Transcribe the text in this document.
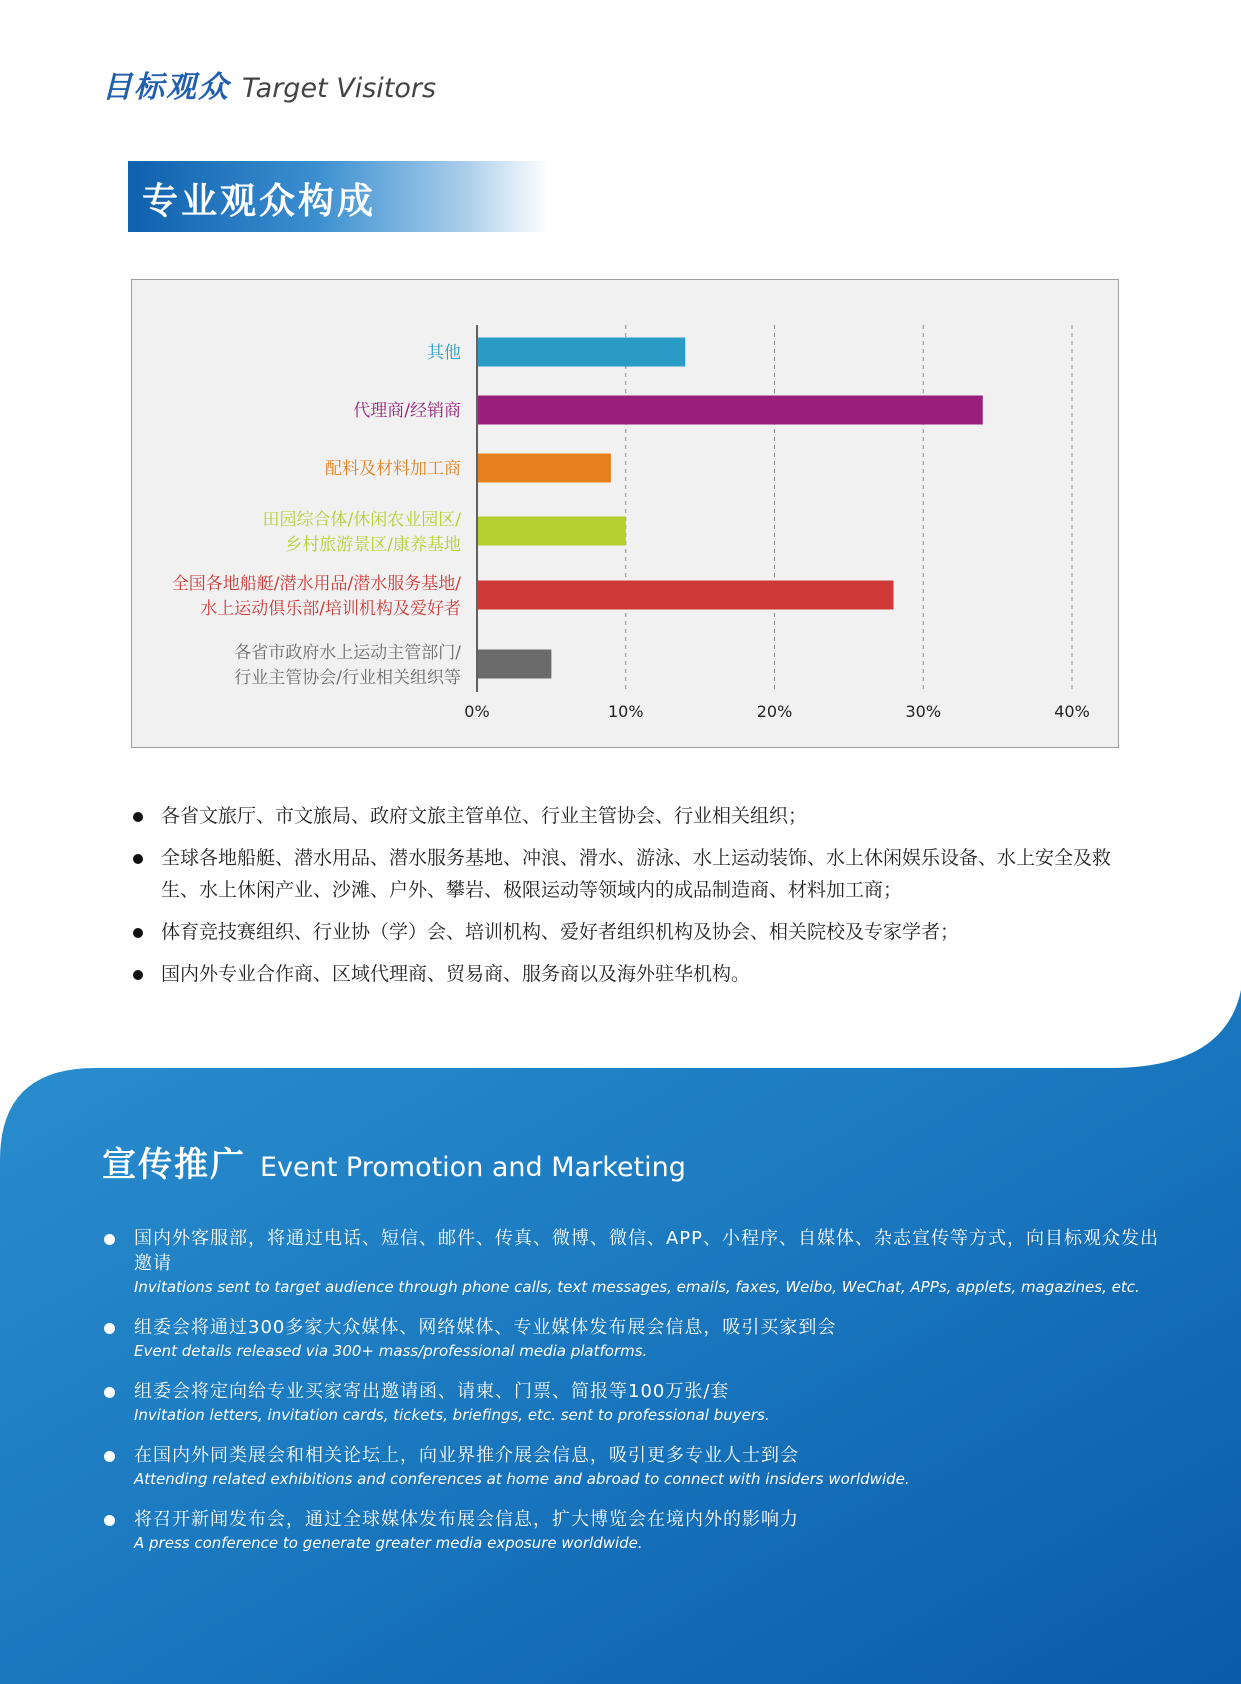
目标观众 Target Visitors
专业观众构成
其他
代理商/经销商
配料及材料加工商
田园综合体/休闲农业园区/
乡村旅游景区/康养基地
全国各地船艇/潜水用品/潜水服务基地/
水上运动俱乐部/培训机构及爱好者
各省市政府水上运动主管部门/
行业主管协会/行业相关组织等
0%	10%	20%	30%	40%
各省文旅厅、市文旅局、政府文旅主管单位、行业主管协会、行业相关组织；
全球各地船艇、潜水用品、潜水服务基地、冲浪、滑水、游泳、水上运动装饰、水上休闲娱乐设备、水上安全及救生、水上休闲产业、沙滩、户外、攀岩、极限运动等领域内的成品制造商、材料加工商；
体育竞技赛组织、行业协（学）会、培训机构、爱好者组织机构及协会、相关院校及专家学者；
国内外专业合作商、区域代理商、贸易商、服务商以及海外驻华机构。
宣传推广 Event Promotion and Marketing
国内外客服部，将通过电话、短信、邮件、传真、微博、微信、APP、小程序、自媒体、杂志宣传等方式，向目标观众发出邀请
Invitations sent to target audience through phone calls, text messages, emails, faxes, Weibo, WeChat, APPs, applets, magazines, etc.
组委会将通过300多家大众媒体、网络媒体、专业媒体发布展会信息，吸引买家到会
Event details released via 300+ mass/professional media platforms.
组委会将定向给专业买家寄出邀请函、请柬、门票、简报等100万张/套
Invitation letters, invitation cards, tickets, briefings, etc. sent to professional buyers.
在国内外同类展会和相关论坛上，向业界推介展会信息，吸引更多专业人士到会
Attending related exhibitions and conferences at home and abroad to connect with insiders worldwide.
将召开新闻发布会，通过全球媒体发布展会信息，扩大博览会在境内外的影响力
A press conference to generate greater media exposure worldwide.
